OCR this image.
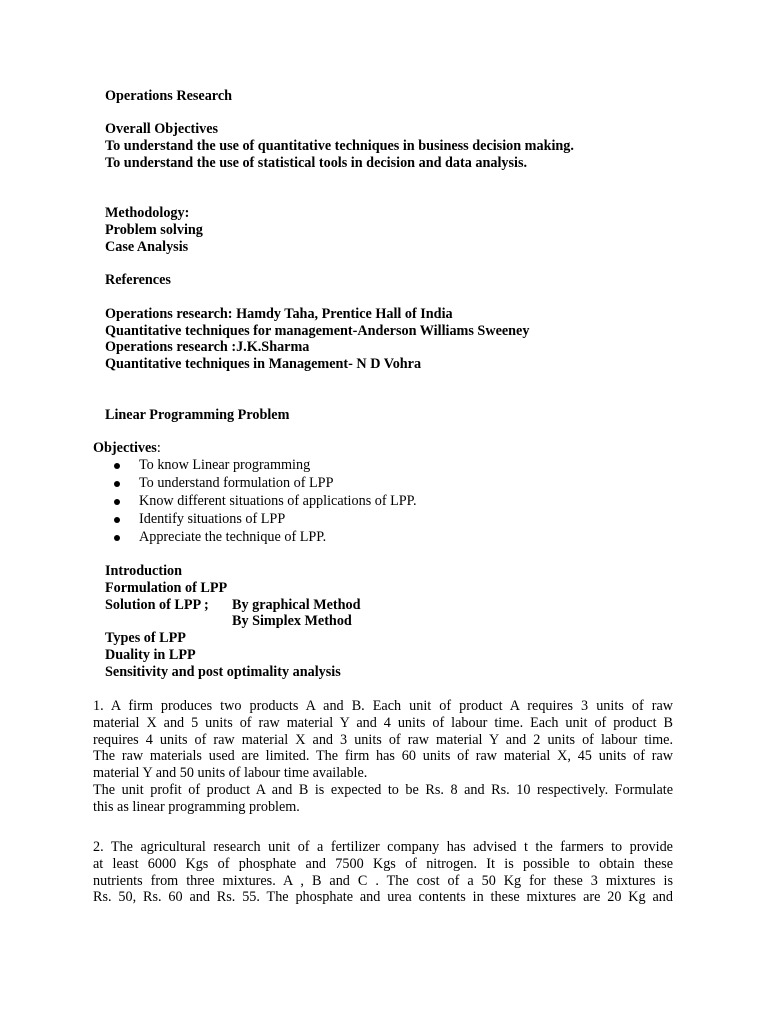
Operations Research

Overall Objectives

To understand the use of quantitative techniques in business decision making.

To understand the use of statistical tools in decision and data analysis.

Methodology:

Problem solving

Case Analysis

References

Operations research: Hamdy Taha, Prentice Hall of India

Quantitative techniques for management-Anderson Williams Sweeney

Operations research :J.K.Sharma

Quantitative techniques in Management- N D Vohra

Linear Programming Problem

Objectives:

To know Linear programming
To understand formulation of LPP
Know different situations of applications of LPP.
Identify situations of LPP
Appreciate the technique of LPP.

Introduction

Formulation of LPP

Solution of LPP ; By graphical Method

By Simplex Method

Types of LPP

Duality in LPP

Sensitivity and post optimality analysis

1. A firm produces two products A and B. Each unit of product A requires 3 units of raw
material X and 5 units of raw material Y and 4 units of labour time. Each unit of product B
requires 4 units of raw material X and 3 units of raw material Y and 2 units of labour time.
The raw materials used are limited. The firm has 60 units of raw material X, 45 units of raw
material Y and 50 units of labour time available.
The unit profit of product A and B is expected to be Rs. 8 and Rs. 10 respectively. Formulate
this as linear programming problem.
2. The agricultural research unit of a fertilizer company has advised t the farmers to provide
at least 6000 Kgs of phosphate and 7500 Kgs of nitrogen. It is possible to obtain these
nutrients from three mixtures. A , B and C . The cost of a 50 Kg for these 3 mixtures is
Rs. 50, Rs. 60 and Rs. 55. The phosphate and urea contents in these mixtures are 20 Kg and
